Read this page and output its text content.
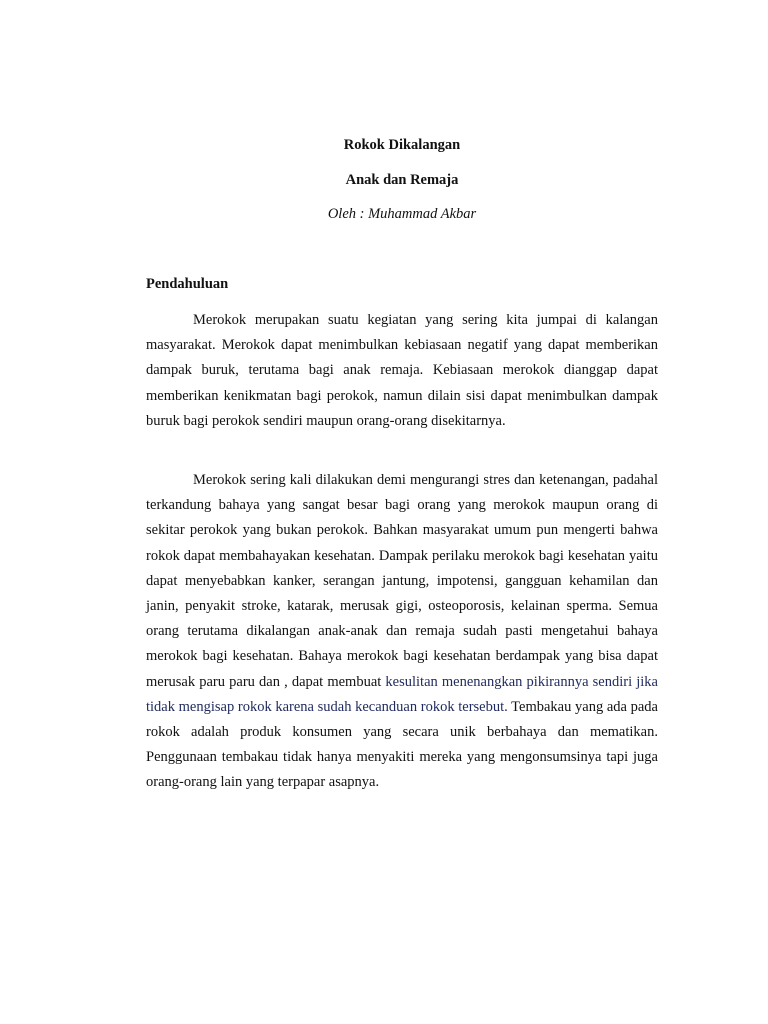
Rokok Dikalangan

Anak dan Remaja

Oleh : Muhammad Akbar

Pendahuluan

Merokok merupakan suatu kegiatan yang sering kita jumpai di kalangan masyarakat. Merokok dapat menimbulkan kebiasaan negatif yang dapat memberikan dampak buruk, terutama bagi anak remaja. Kebiasaan merokok dianggap dapat memberikan kenikmatan bagi perokok, namun dilain sisi dapat menimbulkan dampak buruk bagi perokok sendiri maupun orang-orang disekitarnya.

Merokok sering kali dilakukan demi mengurangi stres dan ketenangan, padahal terkandung bahaya yang sangat besar bagi orang yang merokok maupun orang di sekitar perokok yang bukan perokok. Bahkan masyarakat umum pun mengerti bahwa rokok dapat membahayakan kesehatan. Dampak perilaku merokok bagi kesehatan yaitu dapat menyebabkan kanker, serangan jantung, impotensi, gangguan kehamilan dan janin, penyakit stroke, katarak, merusak gigi, osteoporosis, kelainan sperma. Semua orang terutama dikalangan anak-anak dan remaja sudah pasti mengetahui bahaya merokok bagi kesehatan. Bahaya merokok bagi kesehatan berdampak yang bisa dapat merusak paru paru dan , dapat membuat kesulitan menenangkan pikirannya sendiri jika tidak mengisap rokok karena sudah kecanduan rokok tersebut. Tembakau yang ada pada rokok adalah produk konsumen yang secara unik berbahaya dan mematikan. Penggunaan tembakau tidak hanya menyakiti mereka yang mengonsumsinya tapi juga orang-orang lain yang terpapar asapnya.
